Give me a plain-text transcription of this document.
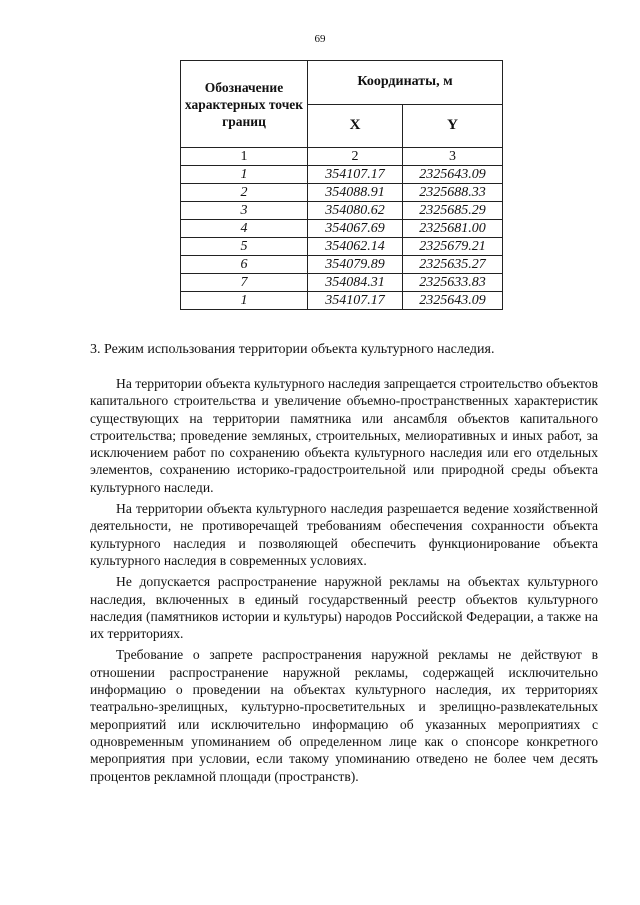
69
Обозначение характерных точек границ	Координаты, м	
	X	Y
1	2	3
1	354107.17	2325643.09
2	354088.91	2325688.33
3	354080.62	2325685.29
4	354067.69	2325681.00
5	354062.14	2325679.21
6	354079.89	2325635.27
7	354084.31	2325633.83
1	354107.17	2325643.09
3. Режим использования территории объекта культурного наследия.

На территории объекта культурного наследия запрещается строительство объектов капитального строительства и увеличение объемно-пространственных характеристик существующих на территории памятника или ансамбля объектов капитального строительства; проведение земляных, строительных, мелиоративных и иных работ, за исключением работ по сохранению объекта культурного наследия или его отдельных элементов, сохранению историко-градостроительной или природной среды объекта культурного наследи.

На территории объекта культурного наследия разрешается ведение хозяйственной деятельности, не противоречащей требованиям обеспечения сохранности объекта культурного наследия и позволяющей обеспечить функционирование объекта культурного наследия в современных условиях.

Не допускается распространение наружной рекламы на объектах культурного наследия, включенных в единый государственный реестр объектов культурного наследия (памятников истории и культуры) народов Российской Федерации, а также на их территориях.

Требование о запрете распространения наружной рекламы не действуют в отношении распространение наружной рекламы, содержащей исключительно информацию о проведении на объектах культурного наследия, их территориях театрально-зрелищных, культурно-просветительных и зрелищно-развлекательных мероприятий или исключительно информацию об указанных мероприятиях с одновременным упоминанием об определенном лице как о спонсоре конкретного мероприятия при условии, если такому упоминанию отведено не более чем десять процентов рекламной площади (пространств).
